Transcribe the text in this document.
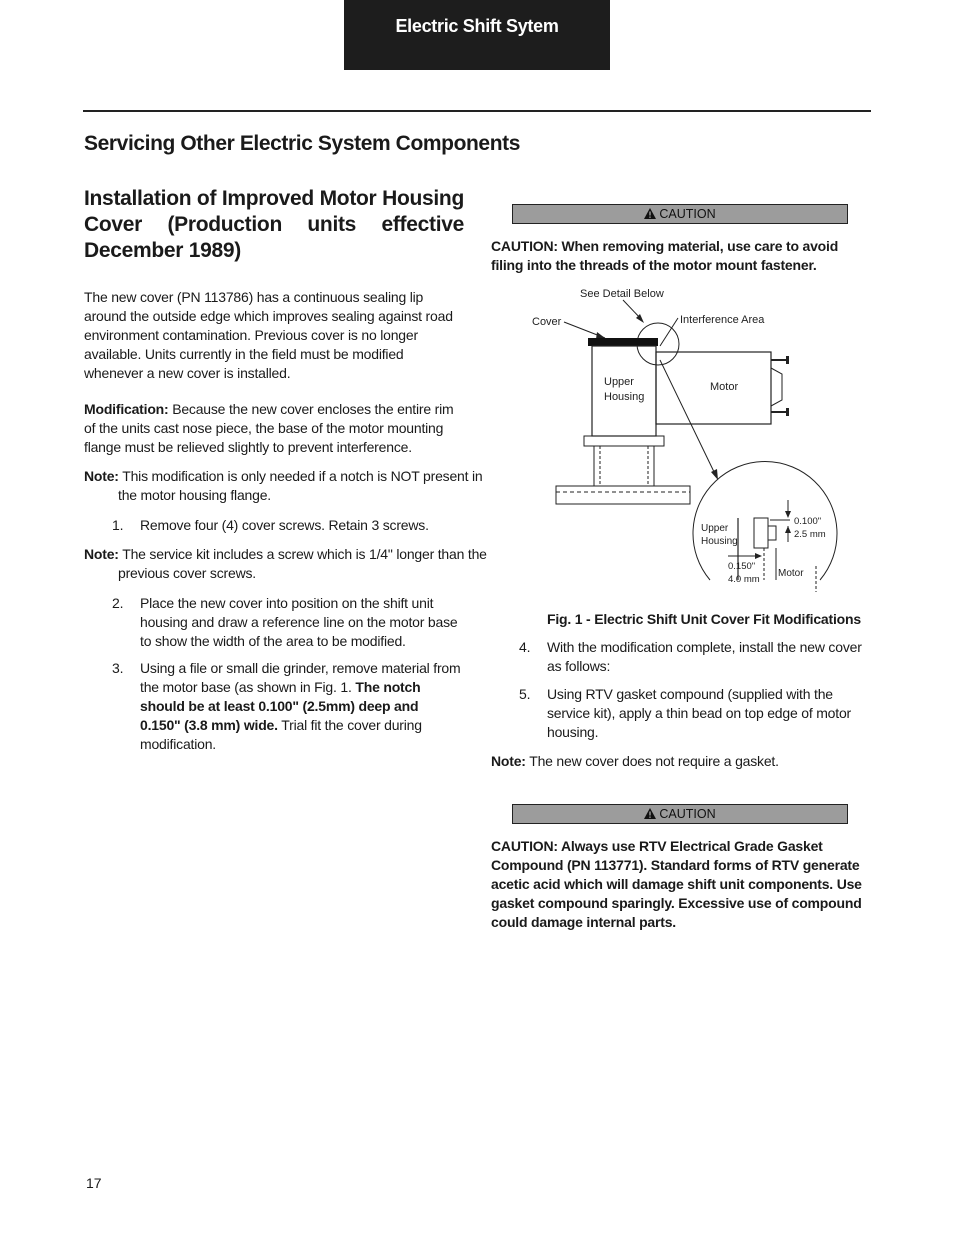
Electric Shift Sytem
Servicing Other Electric System Components
Installation of Improved Motor Housing Cover (Production units effective December 1989)

The new cover (PN 113786) has a continuous sealing lip around the outside edge which improves sealing against road environment contamination. Previous cover is no longer available. Units currently in the field must be modified whenever a new cover is installed.

Modification: Because the new cover encloses the entire rim of the units cast nose piece, the base of the motor mounting flange must be relieved slightly to prevent interference.

Note: This modification is only needed if a notch is NOT present in the motor housing flange.
1. Remove four (4) cover screws. Retain 3 screws.
Note: The service kit includes a screw which is 1/4" longer than the previous cover screws.
2. Place the new cover into position on the shift unit housing and draw a reference line on the motor base to show the width of the area to be modified.
3. Using a file or small die grinder, remove material from the motor base (as shown in Fig. 1. The notch should be at least 0.100" (2.5mm) deep and 0.150" (3.8 mm) wide. Trial fit the cover during modification.
CAUTION
CAUTION: When removing material, use care to avoid filing into the threads of the motor mount fastener.
See Detail Below
Cover	Interference Area
Upper
Housing
Motor
Upper
Housing
0.100"
2.5 mm
0.150"
4.0 mm
Motor
Fig. 1 - Electric Shift Unit Cover Fit Modifications
4. With the modification complete, install the new cover as follows:
5. Using RTV gasket compound (supplied with the service kit), apply a thin bead on top edge of motor housing.
Note: The new cover does not require a gasket.
CAUTION
CAUTION: Always use RTV Electrical Grade Gasket Compound (PN 113771). Standard forms of RTV generate acetic acid which will damage shift unit components. Use gasket compound sparingly. Excessive use of compound could damage internal parts.
17
